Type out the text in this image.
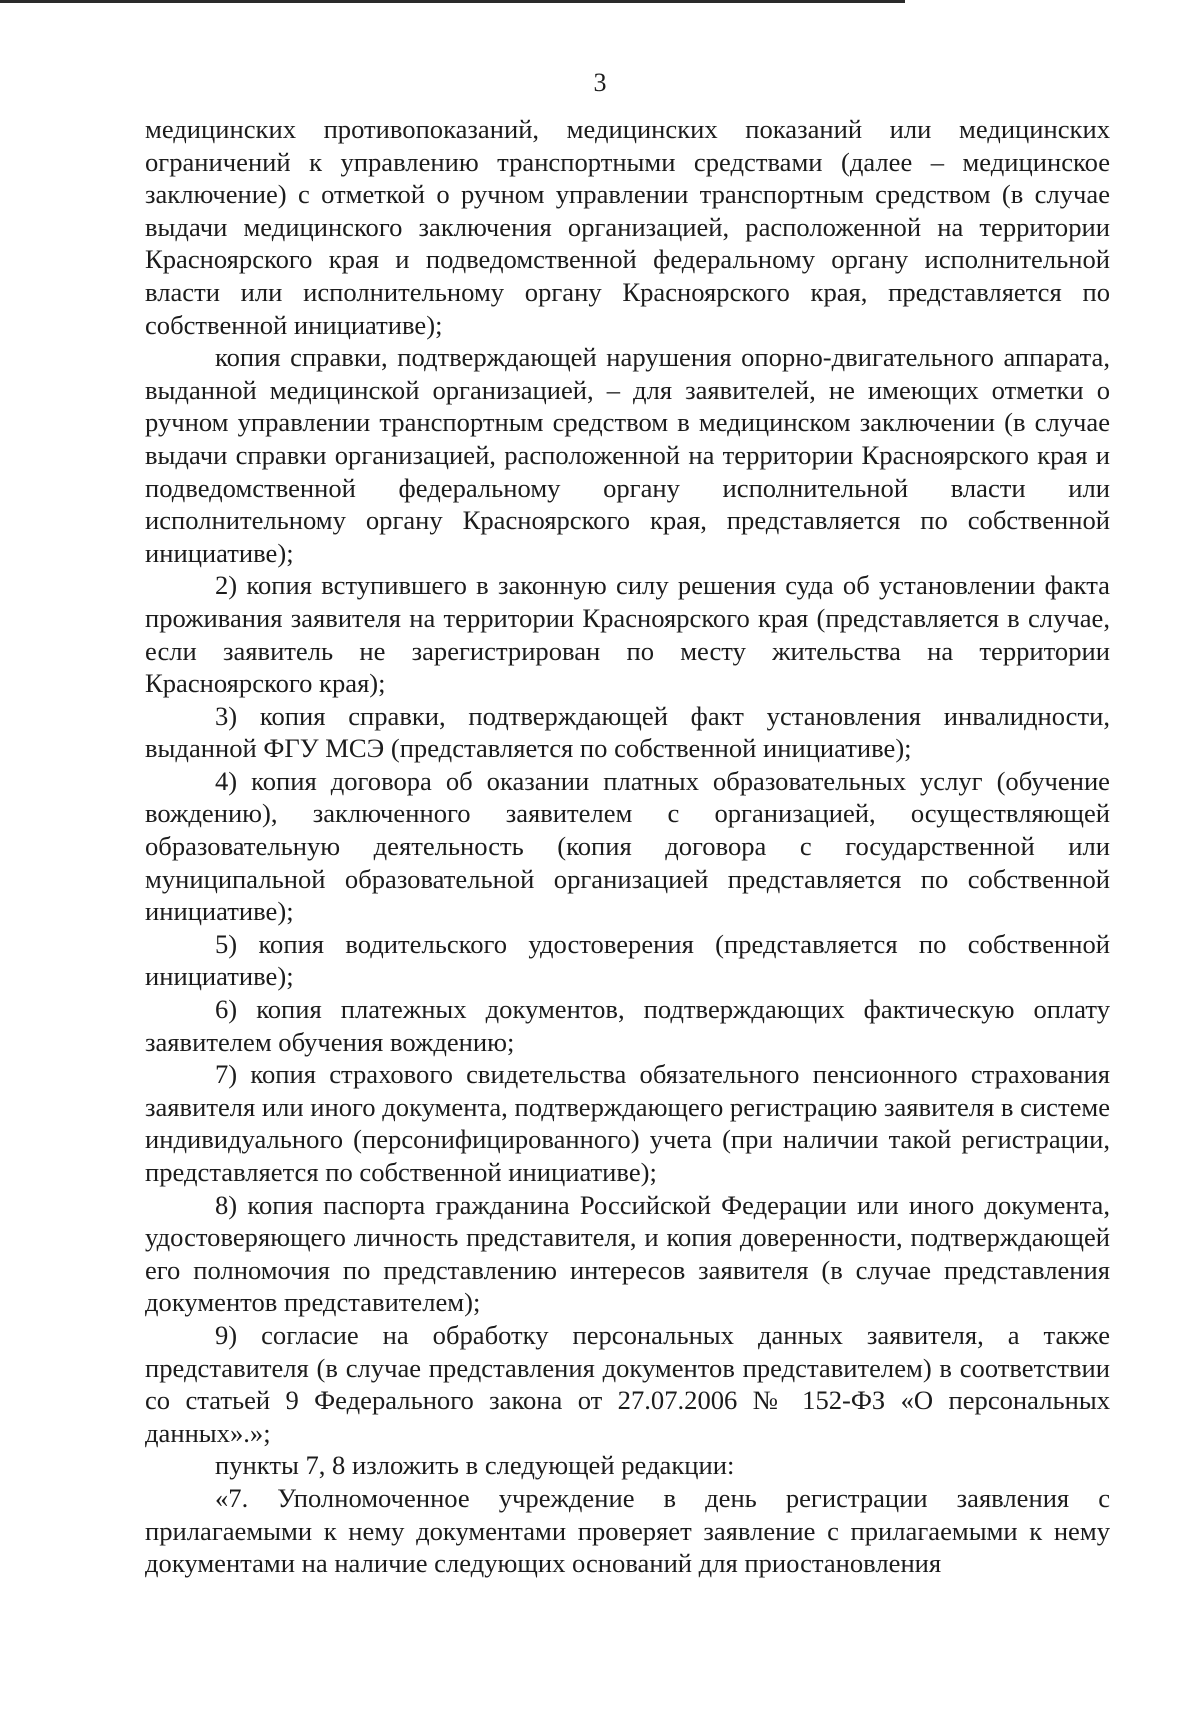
3

медицинских противопоказаний, медицинских показаний или медицинских ограничений к управлению транспортными средствами (далее – медицинское заключение) с отметкой о ручном управлении транспортным средством (в случае выдачи медицинского заключения организацией, расположенной на территории Красноярского края и подведомственной федеральному органу исполнительной власти или исполнительному органу Красноярского края, представляется по собственной инициативе);

копия справки, подтверждающей нарушения опорно-двигательного аппарата, выданной медицинской организацией, – для заявителей, не имеющих отметки о ручном управлении транспортным средством в медицинском заключении (в случае выдачи справки организацией, расположенной на территории Красноярского края и подведомственной федеральному органу исполнительной власти или исполнительному органу Красноярского края, представляется по собственной инициативе);

2) копия вступившего в законную силу решения суда об установлении факта проживания заявителя на территории Красноярского края (представляется в случае, если заявитель не зарегистрирован по месту жительства на территории Красноярского края);

3) копия справки, подтверждающей факт установления инвалидности, выданной ФГУ МСЭ (представляется по собственной инициативе);

4) копия договора об оказании платных образовательных услуг (обучение вождению), заключенного заявителем с организацией, осуществляющей образовательную деятельность (копия договора с государственной или муниципальной образовательной организацией представляется по собственной инициативе);

5) копия водительского удостоверения (представляется по собственной инициативе);

6) копия платежных документов, подтверждающих фактическую оплату заявителем обучения вождению;

7) копия страхового свидетельства обязательного пенсионного страхования заявителя или иного документа, подтверждающего регистрацию заявителя в системе индивидуального (персонифицированного) учета (при наличии такой регистрации, представляется по собственной инициативе);

8) копия паспорта гражданина Российской Федерации или иного документа, удостоверяющего личность представителя, и копия доверенности, подтверждающей его полномочия по представлению интересов заявителя (в случае представления документов представителем);

9) согласие на обработку персональных данных заявителя, а также представителя (в случае представления документов представителем) в соответствии со статьей 9 Федерального закона от 27.07.2006 № 152-ФЗ «О персональных данных».»;

пункты 7, 8 изложить в следующей редакции:

«7. Уполномоченное учреждение в день регистрации заявления с прилагаемыми к нему документами проверяет заявление с прилагаемыми к нему документами на наличие следующих оснований для приостановления
